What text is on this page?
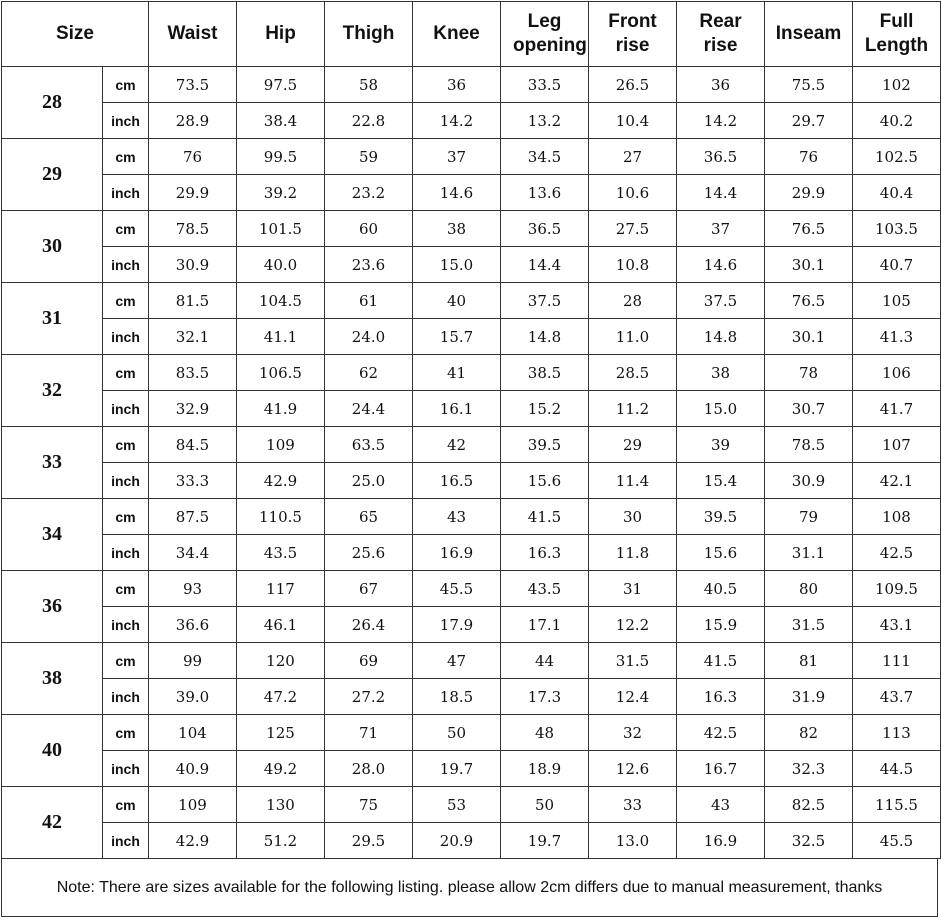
Size		Waist	Hip	Thigh	Knee	Leg opening	Front rise	Rear rise	Inseam	Full Length
28	cm	73.5	97.5	58	36	33.5	26.5	36	75.5	102
	inch	28.9	38.4	22.8	14.2	13.2	10.4	14.2	29.7	40.2
29	cm	76	99.5	59	37	34.5	27	36.5	76	102.5
	inch	29.9	39.2	23.2	14.6	13.6	10.6	14.4	29.9	40.4
30	cm	78.5	101.5	60	38	36.5	27.5	37	76.5	103.5
	inch	30.9	40.0	23.6	15.0	14.4	10.8	14.6	30.1	40.7
31	cm	81.5	104.5	61	40	37.5	28	37.5	76.5	105
	inch	32.1	41.1	24.0	15.7	14.8	11.0	14.8	30.1	41.3
32	cm	83.5	106.5	62	41	38.5	28.5	38	78	106
	inch	32.9	41.9	24.4	16.1	15.2	11.2	15.0	30.7	41.7
33	cm	84.5	109	63.5	42	39.5	29	39	78.5	107
	inch	33.3	42.9	25.0	16.5	15.6	11.4	15.4	30.9	42.1
34	cm	87.5	110.5	65	43	41.5	30	39.5	79	108
	inch	34.4	43.5	25.6	16.9	16.3	11.8	15.6	31.1	42.5
36	cm	93	117	67	45.5	43.5	31	40.5	80	109.5
	inch	36.6	46.1	26.4	17.9	17.1	12.2	15.9	31.5	43.1
38	cm	99	120	69	47	44	31.5	41.5	81	111
	inch	39.0	47.2	27.2	18.5	17.3	12.4	16.3	31.9	43.7
40	cm	104	125	71	50	48	32	42.5	82	113
	inch	40.9	49.2	28.0	19.7	18.9	12.6	16.7	32.3	44.5
42	cm	109	130	75	53	50	33	43	82.5	115.5
	inch	42.9	51.2	29.5	20.9	19.7	13.0	16.9	32.5	45.5
Note: There are sizes available for the following listing. please allow 2cm differs due to manual measurement, thanks
